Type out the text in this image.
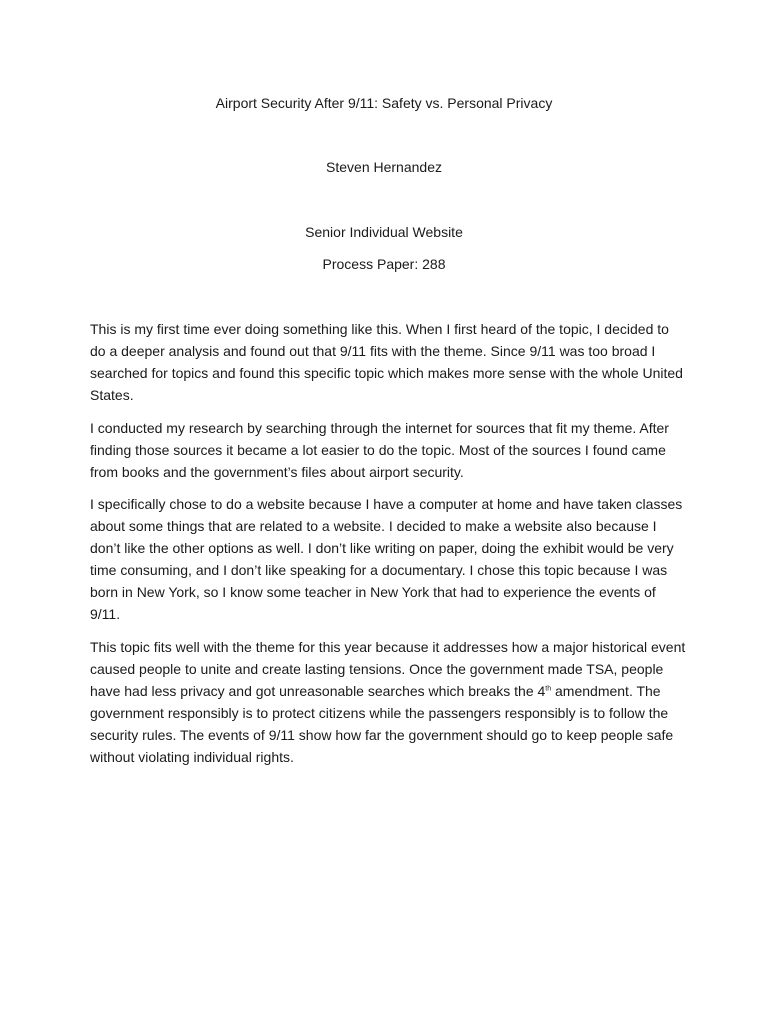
Airport Security After 9/11: Safety vs. Personal Privacy

Steven Hernandez

Senior Individual Website

Process Paper: 288

This is my first time ever doing something like this. When I first heard of the topic, I decided to do a deeper analysis and found out that 9/11 fits with the theme. Since 9/11 was too broad I searched for topics and found this specific topic which makes more sense with the whole United States.

I conducted my research by searching through the internet for sources that fit my theme. After finding those sources it became a lot easier to do the topic. Most of the sources I found came from books and the government’s files about airport security.

I specifically chose to do a website because I have a computer at home and have taken classes about some things that are related to a website. I decided to make a website also because I don’t like the other options as well. I don’t like writing on paper, doing the exhibit would be very time consuming, and I don’t like speaking for a documentary. I chose this topic because I was born in New York, so I know some teacher in New York that had to experience the events of 9/11.

This topic fits well with the theme for this year because it addresses how a major historical event caused people to unite and create lasting tensions. Once the government made TSA, people have had less privacy and got unreasonable searches which breaks the 4th amendment. The government responsibly is to protect citizens while the passengers responsibly is to follow the security rules. The events of 9/11 show how far the government should go to keep people safe without violating individual rights.
